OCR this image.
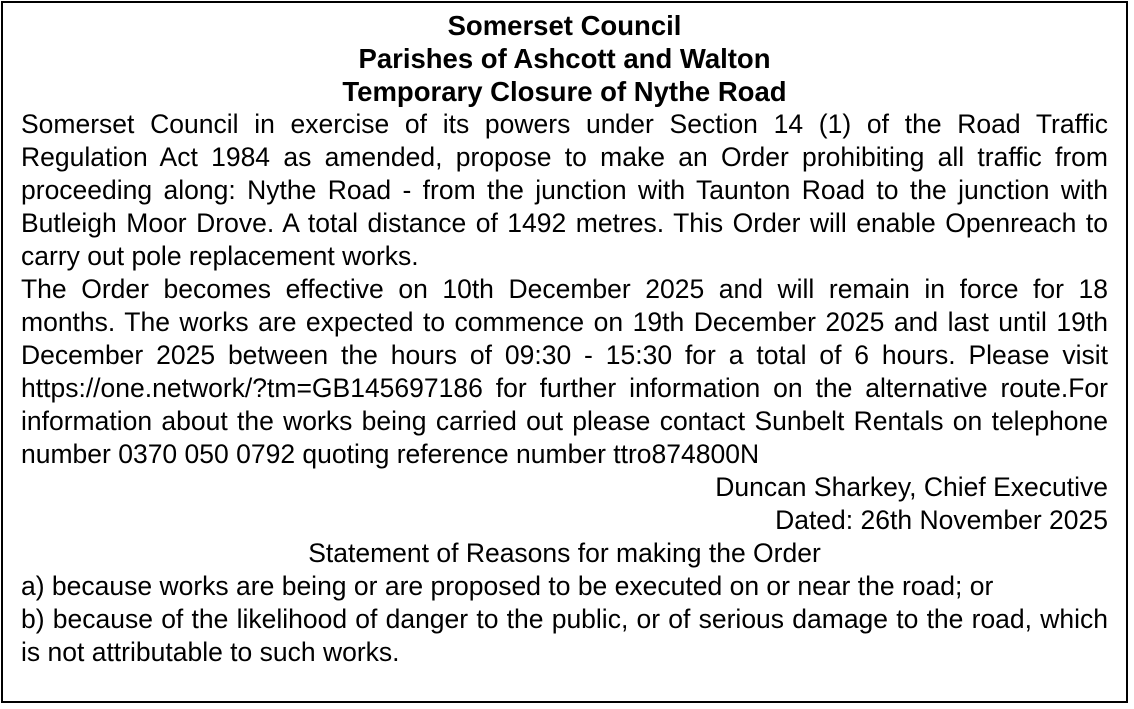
Somerset Council
Parishes of Ashcott and Walton
Temporary Closure of Nythe Road

Somerset Council in exercise of its powers under Section 14 (1) of the Road Traffic Regulation Act 1984 as amended, propose to make an Order prohibiting all traffic from proceeding along: Nythe Road - from the junction with Taunton Road to the junction with Butleigh Moor Drove. A total distance of 1492 metres. This Order will enable Openreach to carry out pole replacement works.

The Order becomes effective on 10th December 2025 and will remain in force for 18 months. The works are expected to commence on 19th December 2025 and last until 19th December 2025 between the hours of 09:30 - 15:30 for a total of 6 hours. Please visit https://one.network/?tm=GB145697186 for further information on the alternative route.For information about the works being carried out please contact Sunbelt Rentals on telephone number 0370 050 0792 quoting reference number ttro874800N

Duncan Sharkey, Chief Executive
Dated: 26th November 2025
Statement of Reasons for making the Order
a) because works are being or are proposed to be executed on or near the road; or
b) because of the likelihood of danger to the public, or of serious damage to the road, which is not attributable to such works.
